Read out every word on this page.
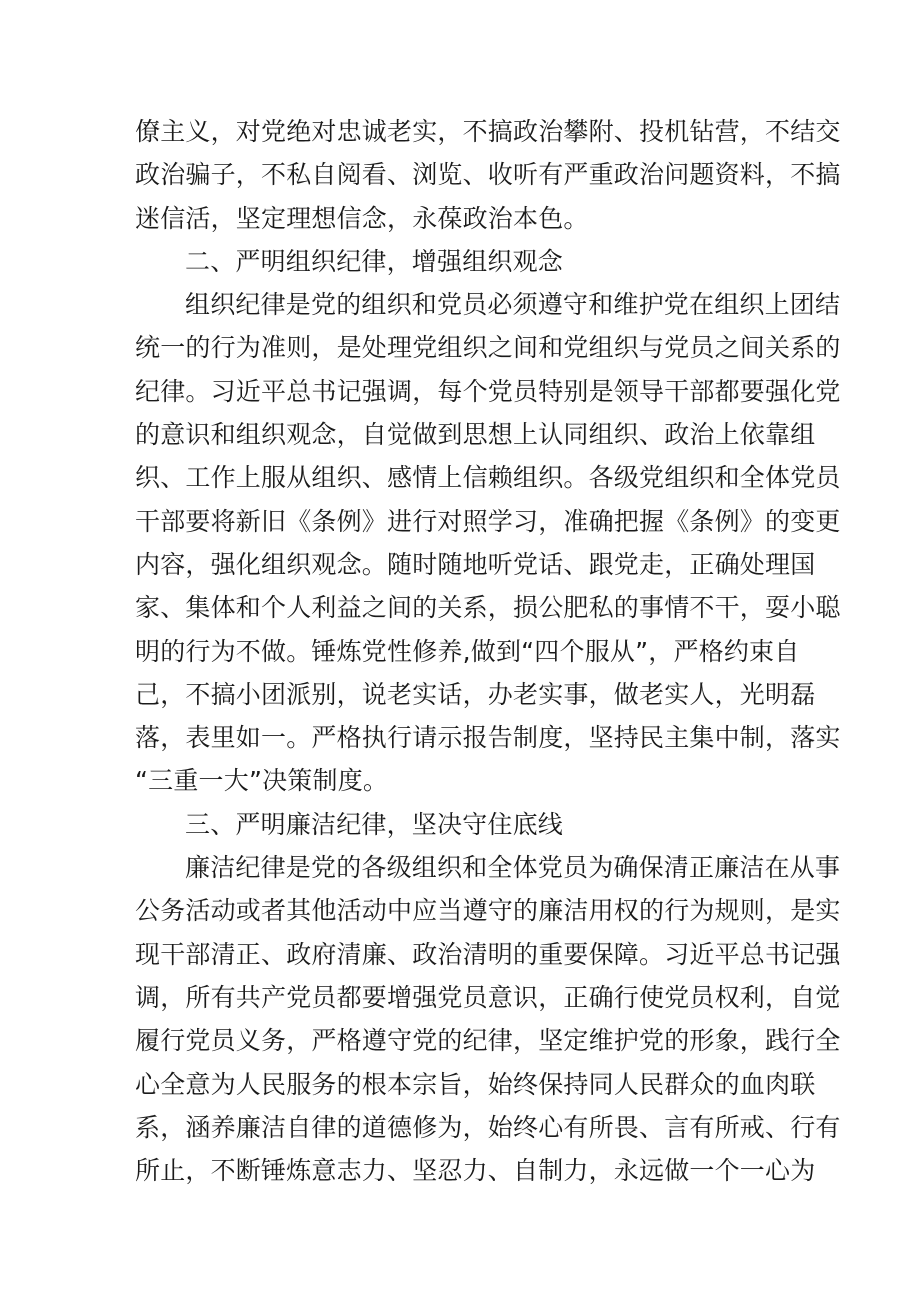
僚主义，对党绝对忠诚老实，不搞政治攀附、投机钻营，不结交
政治骗子，不私自阅看、浏览、收听有严重政治问题资料，不搞
迷信活，坚定理想信念，永葆政治本色。
二、严明组织纪律，增强组织观念
组织纪律是党的组织和党员必须遵守和维护党在组织上团结
统一的行为准则，是处理党组织之间和党组织与党员之间关系的
纪律。习近平总书记强调，每个党员特别是领导干部都要强化党
的意识和组织观念，自觉做到思想上认同组织、政治上依靠组
织、工作上服从组织、感情上信赖组织。各级党组织和全体党员
干部要将新旧《条例》进行对照学习，准确把握《条例》的变更
内容，强化组织观念。随时随地听党话、跟党走，正确处理国
家、集体和个人利益之间的关系，损公肥私的事情不干，耍小聪
明的行为不做。锤炼党性修养,做到“四个服从”，严格约束自
己，不搞小团派别，说老实话，办老实事，做老实人，光明磊
落，表里如一。严格执行请示报告制度，坚持民主集中制，落实
“三重一大”决策制度。
三、严明廉洁纪律，坚决守住底线
廉洁纪律是党的各级组织和全体党员为确保清正廉洁在从事
公务活动或者其他活动中应当遵守的廉洁用权的行为规则，是实
现干部清正、政府清廉、政治清明的重要保障。习近平总书记强
调，所有共产党员都要增强党员意识，正确行使党员权利，自觉
履行党员义务，严格遵守党的纪律，坚定维护党的形象，践行全
心全意为人民服务的根本宗旨，始终保持同人民群众的血肉联
系，涵养廉洁自律的道德修为，始终心有所畏、言有所戒、行有
所止，不断锤炼意志力、坚忍力、自制力，永远做一个一心为
